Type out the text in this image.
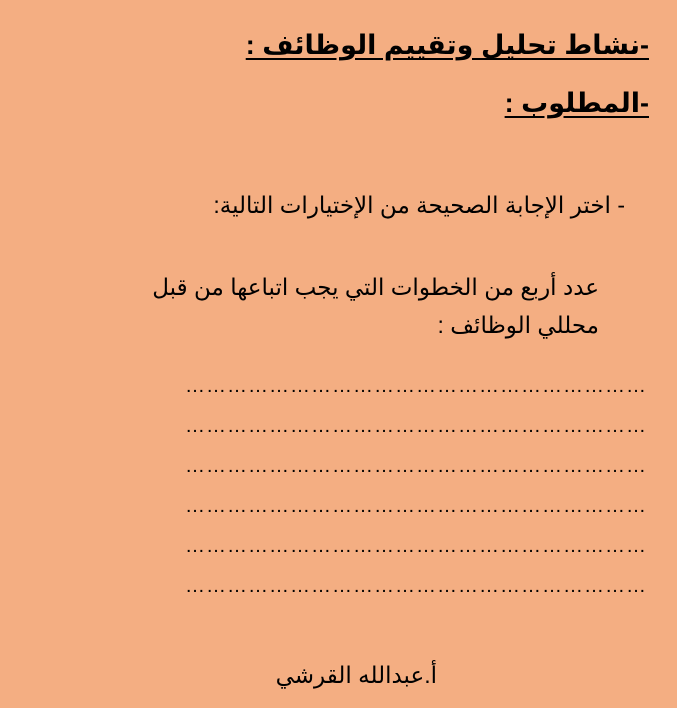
-نشاط تحليل وتقييم الوظائف :
-المطلوب :
- اختر الإجابة الصحيحة من الإختيارات التالية:
عدد أربع من الخطوات التي يجب اتباعها من قبل محللي الوظائف :
…………………………………………………………
…………………………………………………………
…………………………………………………………
…………………………………………………………
…………………………………………………………
…………………………………………………………
أ.عبدالله القرشي
